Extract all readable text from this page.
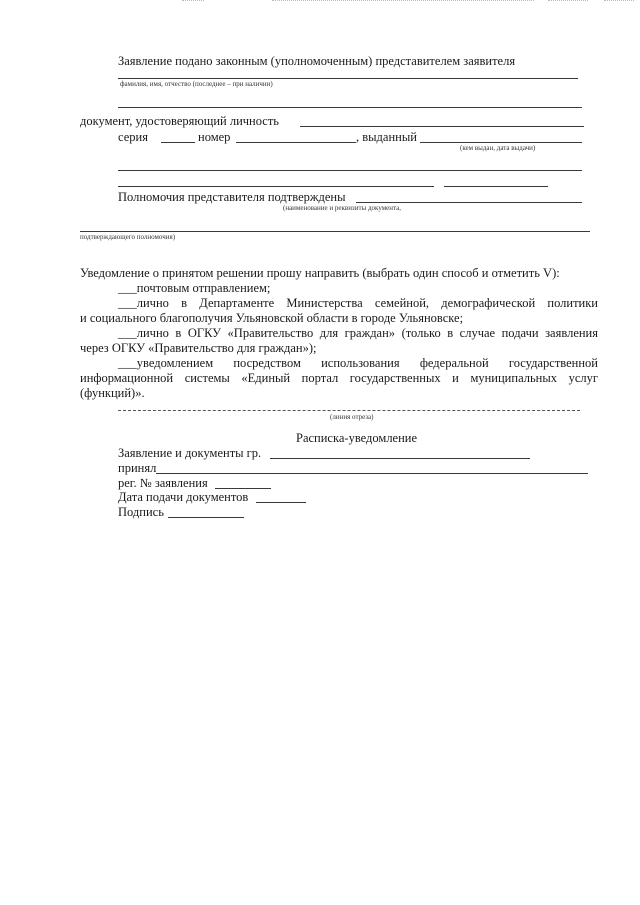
Заявление подано законным (уполномоченным) представителем заявителя
фамилия, имя, отчество (последнее – при наличии)
документ, удостоверяющий личность
серия	номер	, выданный
(кем выдан, дата выдачи)
Полномочия представителя подтверждены
(наименование и реквизиты документа,
подтверждающего полномочия)
Уведомление о принятом решении прошу направить (выбрать один способ и отметить V):
___почтовым отправлением;
___лично в Департаменте Министерства семейной, демографической политики
и социального благополучия Ульяновской области в городе Ульяновске;
___лично в ОГКУ «Правительство для граждан» (только в случае подачи заявления
через ОГКУ «Правительство для граждан»);
___уведомлением посредством использования федеральной государственной
информационной системы «Единый портал государственных и муниципальных услуг
(функций)».
(линия отреза)
Расписка-уведомление
Заявление и документы гр.
принял
рег. № заявления
Дата подачи документов
Подпись
